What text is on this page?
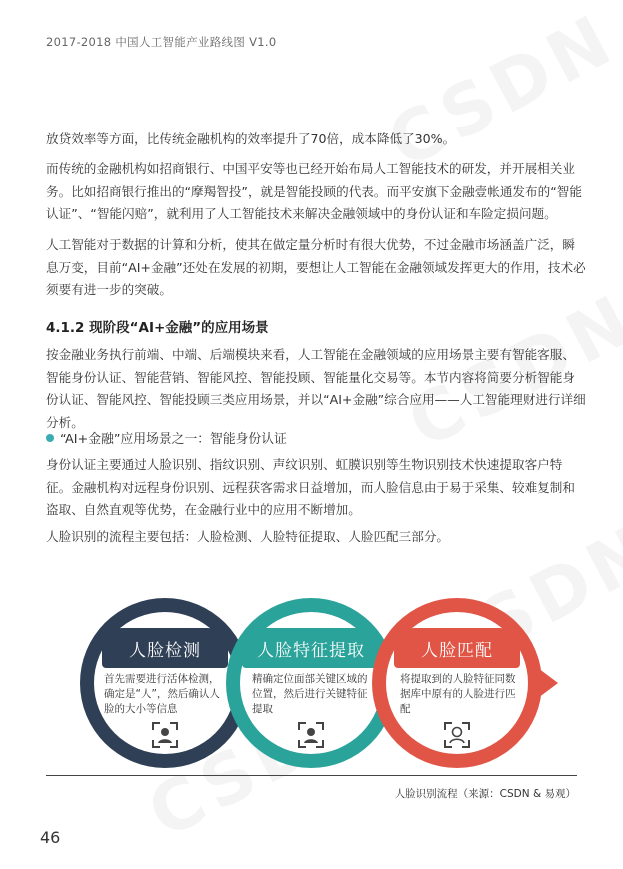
2017-2018 中国人工智能产业路线图 V1.0

放贷效率等方面，比传统金融机构的效率提升了70倍，成本降低了30%。

而传统的金融机构如招商银行、中国平安等也已经开始布局人工智能技术的研发，并开展相关业务。比如招商银行推出的“摩羯智投”，就是智能投顾的代表。而平安旗下金融壹帐通发布的“智能认证”、“智能闪赔”，就利用了人工智能技术来解决金融领域中的身份认证和车险定损问题。

人工智能对于数据的计算和分析，使其在做定量分析时有很大优势，不过金融市场涵盖广泛，瞬息万变，目前“AI+金融”还处在发展的初期，要想让人工智能在金融领域发挥更大的作用，技术必须要有进一步的突破。

4.1.2 现阶段“AI+金融”的应用场景

按金融业务执行前端、中端、后端模块来看，人工智能在金融领域的应用场景主要有智能客服、智能身份认证、智能营销、智能风控、智能投顾、智能量化交易等。本节内容将简要分析智能身份认证、智能风控、智能投顾三类应用场景，并以“AI+金融”综合应用——人工智能理财进行详细分析。

“AI+金融”应用场景之一：智能身份认证

身份认证主要通过人脸识别、指纹识别、声纹识别、虹膜识别等生物识别技术快速提取客户特征。金融机构对远程身份识别、远程获客需求日益增加，而人脸信息由于易于采集、较难复制和盗取、自然直观等优势，在金融行业中的应用不断增加。

人脸识别的流程主要包括：人脸检测、人脸特征提取、人脸匹配三部分。

人脸检测
首先需要进行活体检测，确定是“人”，然后确认人脸的大小等信息
人脸特征提取
精确定位面部关键区域的位置，然后进行关键特征提取
人脸匹配
将提取到的人脸特征同数据库中原有的人脸进行匹配
人脸识别流程（来源：CSDN & 易观）
46
